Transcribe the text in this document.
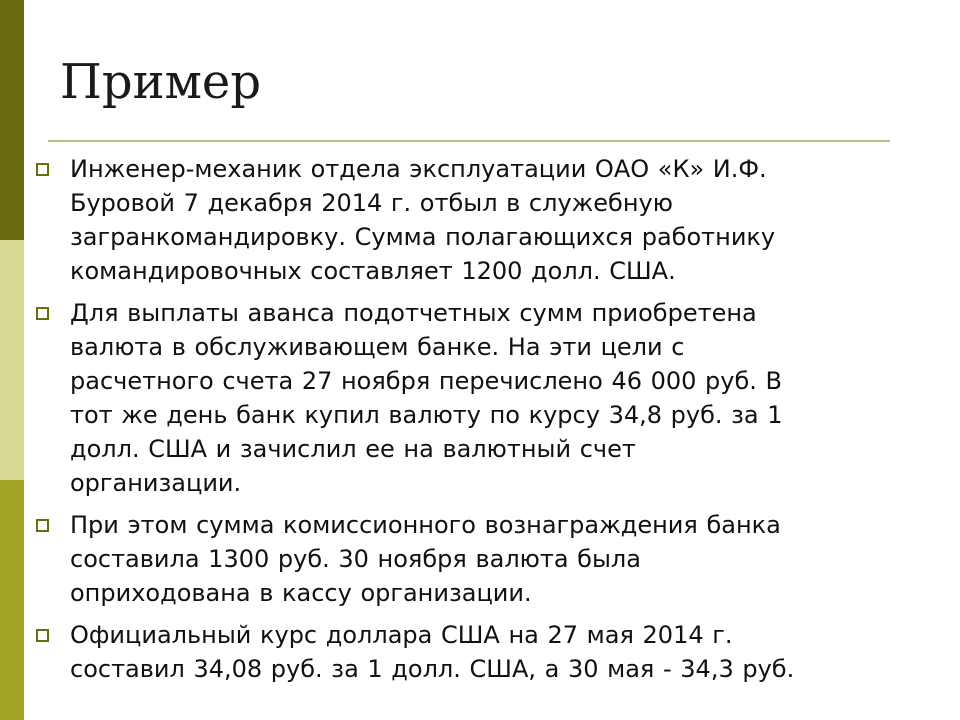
Пример
Инженер-механик отдела эксплуатации ОАО «К» И.Ф.
Буровой 7 декабря 2014 г. отбыл в служебную
загранкомандировку. Сумма полагающихся работнику
командировочных составляет 1200 долл. США.
Для выплаты аванса подотчетных сумм приобретена
валюта в обслуживающем банке. На эти цели с
расчетного счета 27 ноября перечислено 46 000 руб. В
тот же день банк купил валюту по курсу 34,8 руб. за 1
долл. США и зачислил ее на валютный счет
организации.
При этом сумма комиссионного вознаграждения банка
составила 1300 руб. 30 ноября валюта была
оприходована в кассу организации.
Официальный курс доллара США на 27 мая 2014 г.
составил 34,08 руб. за 1 долл. США, а 30 мая - 34,3 руб.
